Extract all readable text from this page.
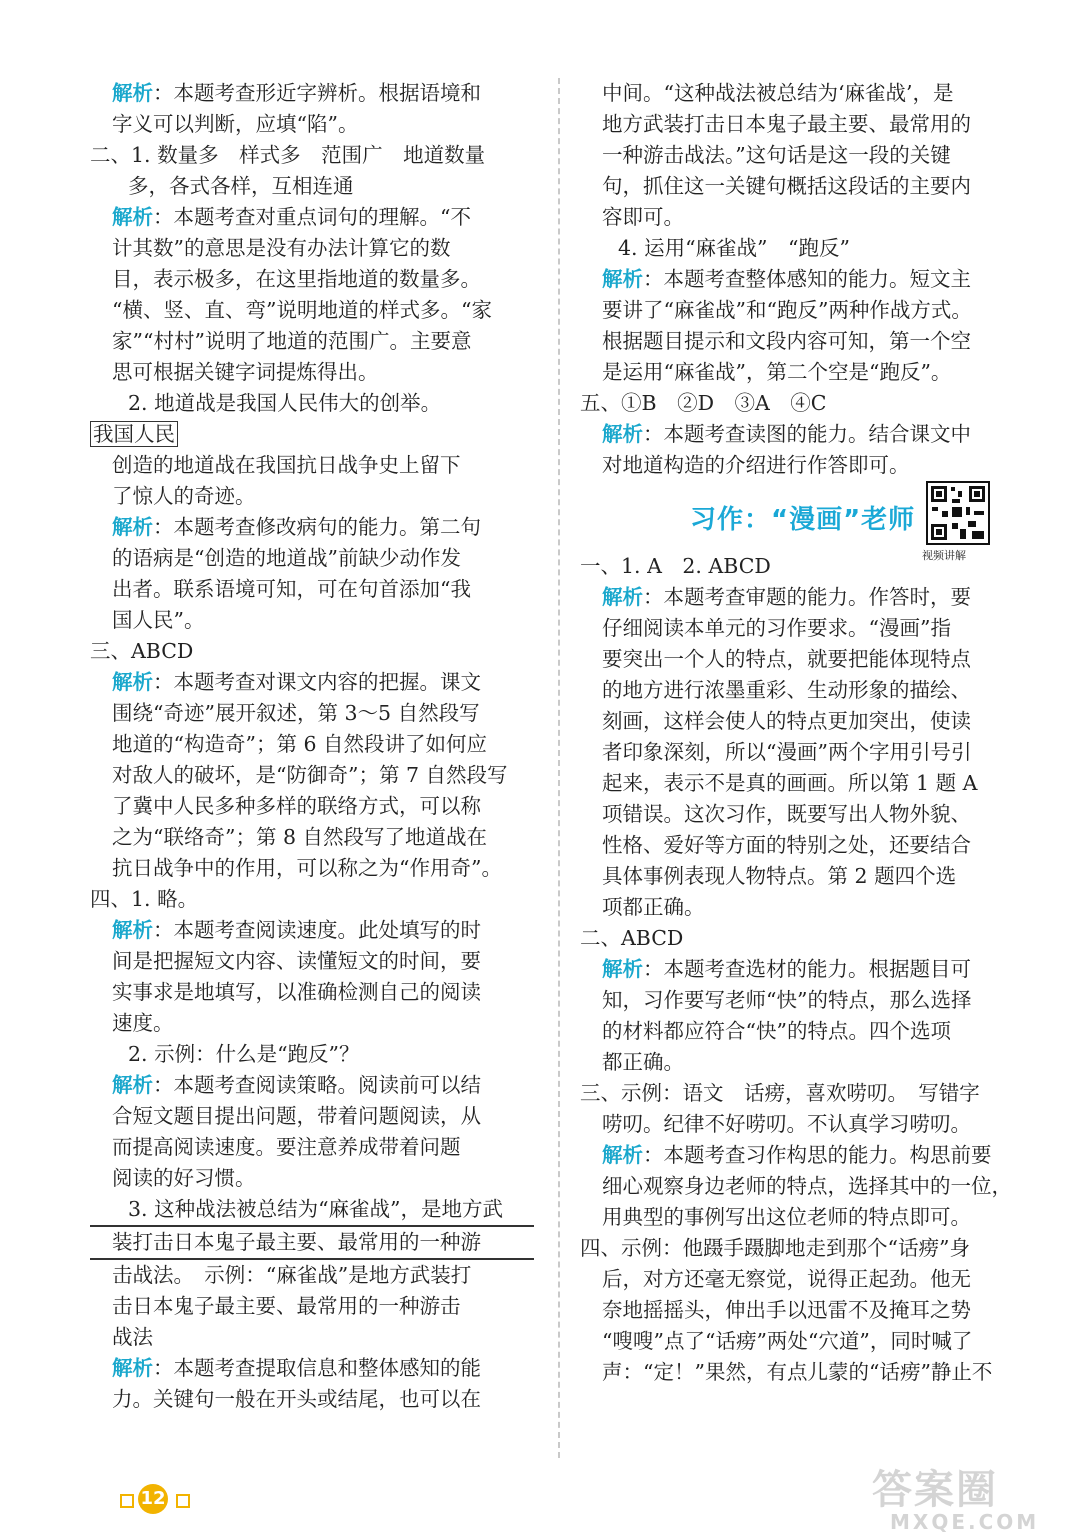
解析：本题考查形近字辨析。根据语境和
字义可以判断，应填“陷”。
二、1. 数量多　样式多　范围广　地道数量
多，各式各样，互相连通
解析：本题考查对重点词句的理解。“不
计其数”的意思是没有办法计算它的数
目，表示极多，在这里指地道的数量多。
“横、竖、直、弯”说明地道的样式多。“家
家”“村村”说明了地道的范围广。主要意
思可根据关键字词提炼得出。
2. 地道战是我国人民伟大的创举。
我国人民
创造的地道战在我国抗日战争史上留下
了惊人的奇迹。
解析：本题考查修改病句的能力。第二句
的语病是“创造的地道战”前缺少动作发
出者。联系语境可知，可在句首添加“我
国人民”。
三、ABCD
解析：本题考查对课文内容的把握。课文
围绕“奇迹”展开叙述，第 3～5 自然段写
地道的“构造奇”；第 6 自然段讲了如何应
对敌人的破坏，是“防御奇”；第 7 自然段写
了冀中人民多种多样的联络方式，可以称
之为“联络奇”；第 8 自然段写了地道战在
抗日战争中的作用，可以称之为“作用奇”。
四、1. 略。
解析：本题考查阅读速度。此处填写的时
间是把握短文内容、读懂短文的时间，要
实事求是地填写，以准确检测自己的阅读
速度。
2. 示例：什么是“跑反”？
解析：本题考查阅读策略。阅读前可以结
合短文题目提出问题，带着问题阅读，从
而提高阅读速度。要注意养成带着问题
阅读的好习惯。
3. 这种战法被总结为“麻雀战”，是地方武
装打击日本鬼子最主要、最常用的一种游
击战法。　示例：“麻雀战”是地方武装打
击日本鬼子最主要、最常用的一种游击
战法
解析：本题考查提取信息和整体感知的能
力。关键句一般在开头或结尾，也可以在
中间。“这种战法被总结为‘麻雀战’，是
地方武装打击日本鬼子最主要、最常用的
一种游击战法。”这句话是这一段的关键
句，抓住这一关键句概括这段话的主要内
容即可。
4. 运用“麻雀战”　“跑反”
解析：本题考查整体感知的能力。短文主
要讲了“麻雀战”和“跑反”两种作战方式。
根据题目提示和文段内容可知，第一个空
是运用“麻雀战”，第二个空是“跑反”。
五、①B　②D　③A　④C
解析：本题考查读图的能力。结合课文中
对地道构造的介绍进行作答即可。
习作：“漫画”老师
视频讲解
一、1. A　2. ABCD
解析：本题考查审题的能力。作答时，要
仔细阅读本单元的习作要求。“漫画”指
要突出一个人的特点，就要把能体现特点
的地方进行浓墨重彩、生动形象的描绘、
刻画，这样会使人的特点更加突出，使读
者印象深刻，所以“漫画”两个字用引号引
起来，表示不是真的画画。所以第 1 题 A
项错误。这次习作，既要写出人物外貌、
性格、爱好等方面的特别之处，还要结合
具体事例表现人物特点。第 2 题四个选
项都正确。
二、ABCD
解析：本题考查选材的能力。根据题目可
知，习作要写老师“快”的特点，那么选择
的材料都应符合“快”的特点。四个选项
都正确。
三、示例：语文　话痨，喜欢唠叨。　写错字
唠叨。纪律不好唠叨。不认真学习唠叨。
解析：本题考查习作构思的能力。构思前要
细心观察身边老师的特点，选择其中的一位，
用典型的事例写出这位老师的特点即可。
四、示例：他蹑手蹑脚地走到那个“话痨”身
后，对方还毫无察觉，说得正起劲。他无
奈地摇摇头，伸出手以迅雷不及掩耳之势
“嗖嗖”点了“话痨”两处“穴道”，同时喊了
声：“定！”果然，有点儿蒙的“话痨”静止不
12	答案圈
MXQE.COM
